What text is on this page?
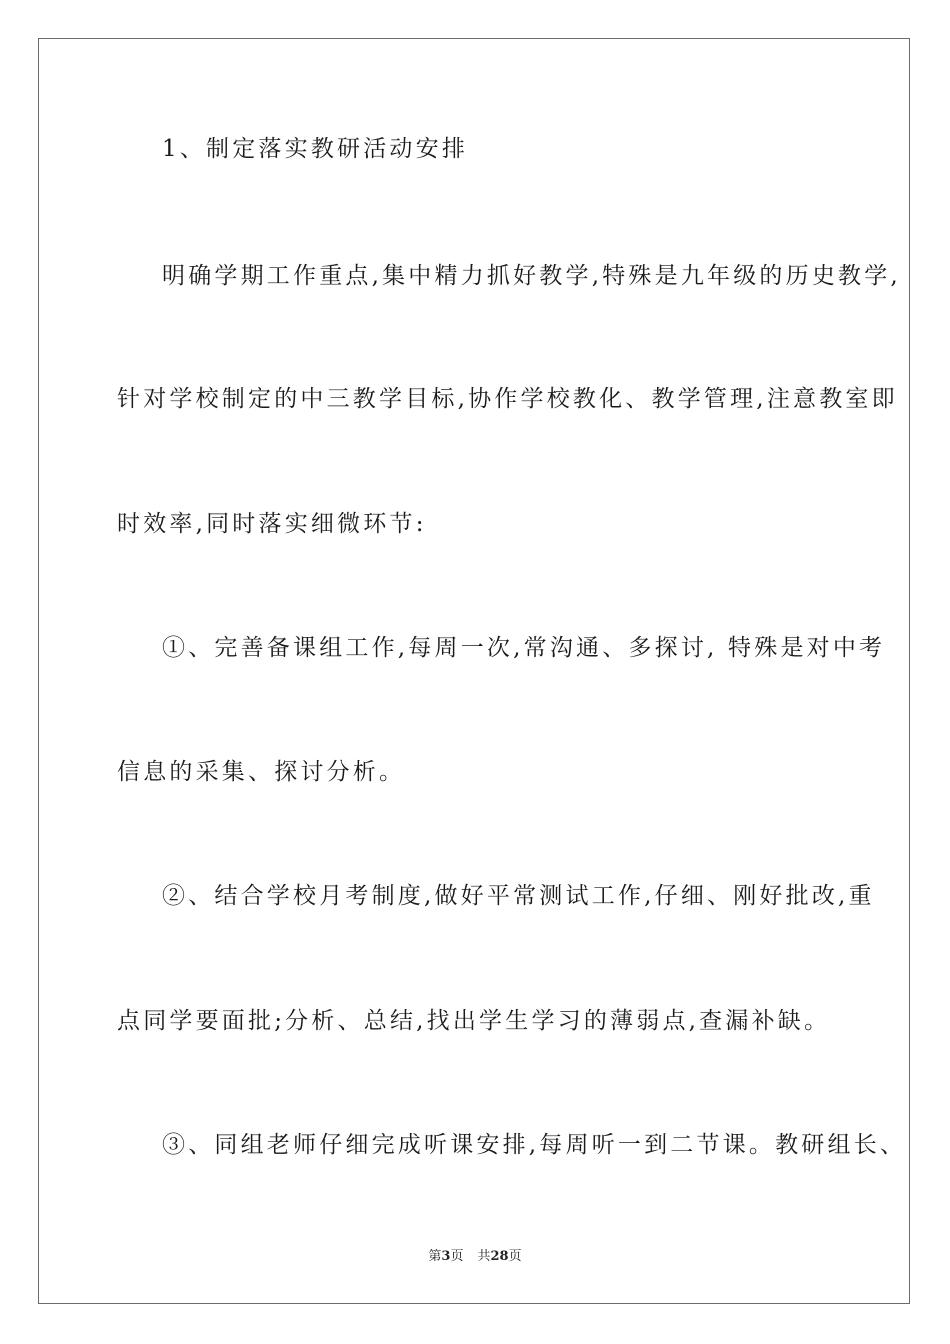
1、制定落实教研活动安排
明确学期工作重点,集中精力抓好教学,特殊是九年级的历史教学,
针对学校制定的中三教学目标,协作学校教化、教学管理,注意教室即
时效率,同时落实细微环节:
①、完善备课组工作,每周一次,常沟通、多探讨, 特殊是对中考
信息的采集、探讨分析。
②、结合学校月考制度,做好平常测试工作,仔细、刚好批改,重
点同学要面批;分析、总结,找出学生学习的薄弱点,查漏补缺。
③、同组老师仔细完成听课安排,每周听一到二节课。教研组长、
第3页 共28页
